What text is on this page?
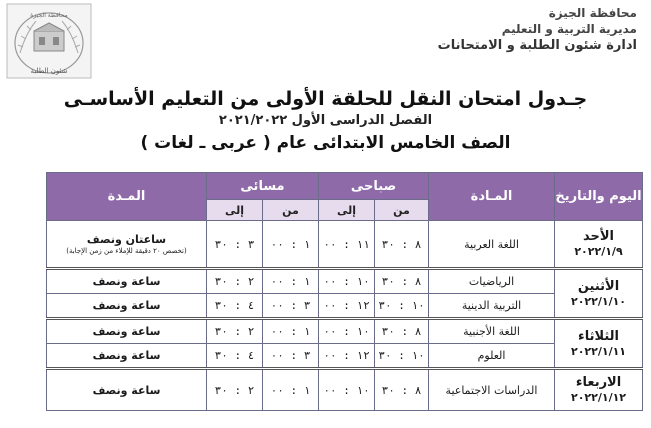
محافظة الجيزة
شئون الطلبة
محافظة الجيزة
مديرية التربية و التعليم
ادارة شئون الطلبة و الامتحانات
جـدول امتحان النقل للحلقة الأولى من التعليم الأساسـى
الفصل الدراسى الأول ٢٠٢١/٢٠٢٢
الصف الخامس الابتدائى عام ( عربى ـ لغات )
اليوم والتاريخ	المـادة	صباحى		مسائى		المـدة
		من	إلى	من	إلى	

الأحد
٢٠٢٢/١/٩	اللغة العربية	٨ : ٣٠	١١ : ٠٠	١ : ٠٠	٣ : ٣٠	ساعتان ونصف
(تخصص ٢٠ دقيقة للإملاء من زمن الإجابة)

الأثنين
٢٠٢٢/١/١٠	الرياضيات	٨ : ٣٠	١٠ : ٠٠	١ : ٠٠	٢ : ٣٠	ساعة ونصف
	التربية الدينية	١٠ : ٣٠	١٢ : ٠٠	٣ : ٠٠	٤ : ٣٠	ساعة ونصف

الثلاثاء
٢٠٢٢/١/١١	اللغة الأجنبية	٨ : ٣٠	١٠ : ٠٠	١ : ٠٠	٢ : ٣٠	ساعة ونصف
	العلوم	١٠ : ٣٠	١٢ : ٠٠	٣ : ٠٠	٤ : ٣٠	ساعة ونصف

الاربعاء
٢٠٢٢/١/١٢	الدراسات الاجتماعية	٨ : ٣٠	١٠ : ٠٠	١ : ٠٠	٢ : ٣٠	ساعة ونصف
